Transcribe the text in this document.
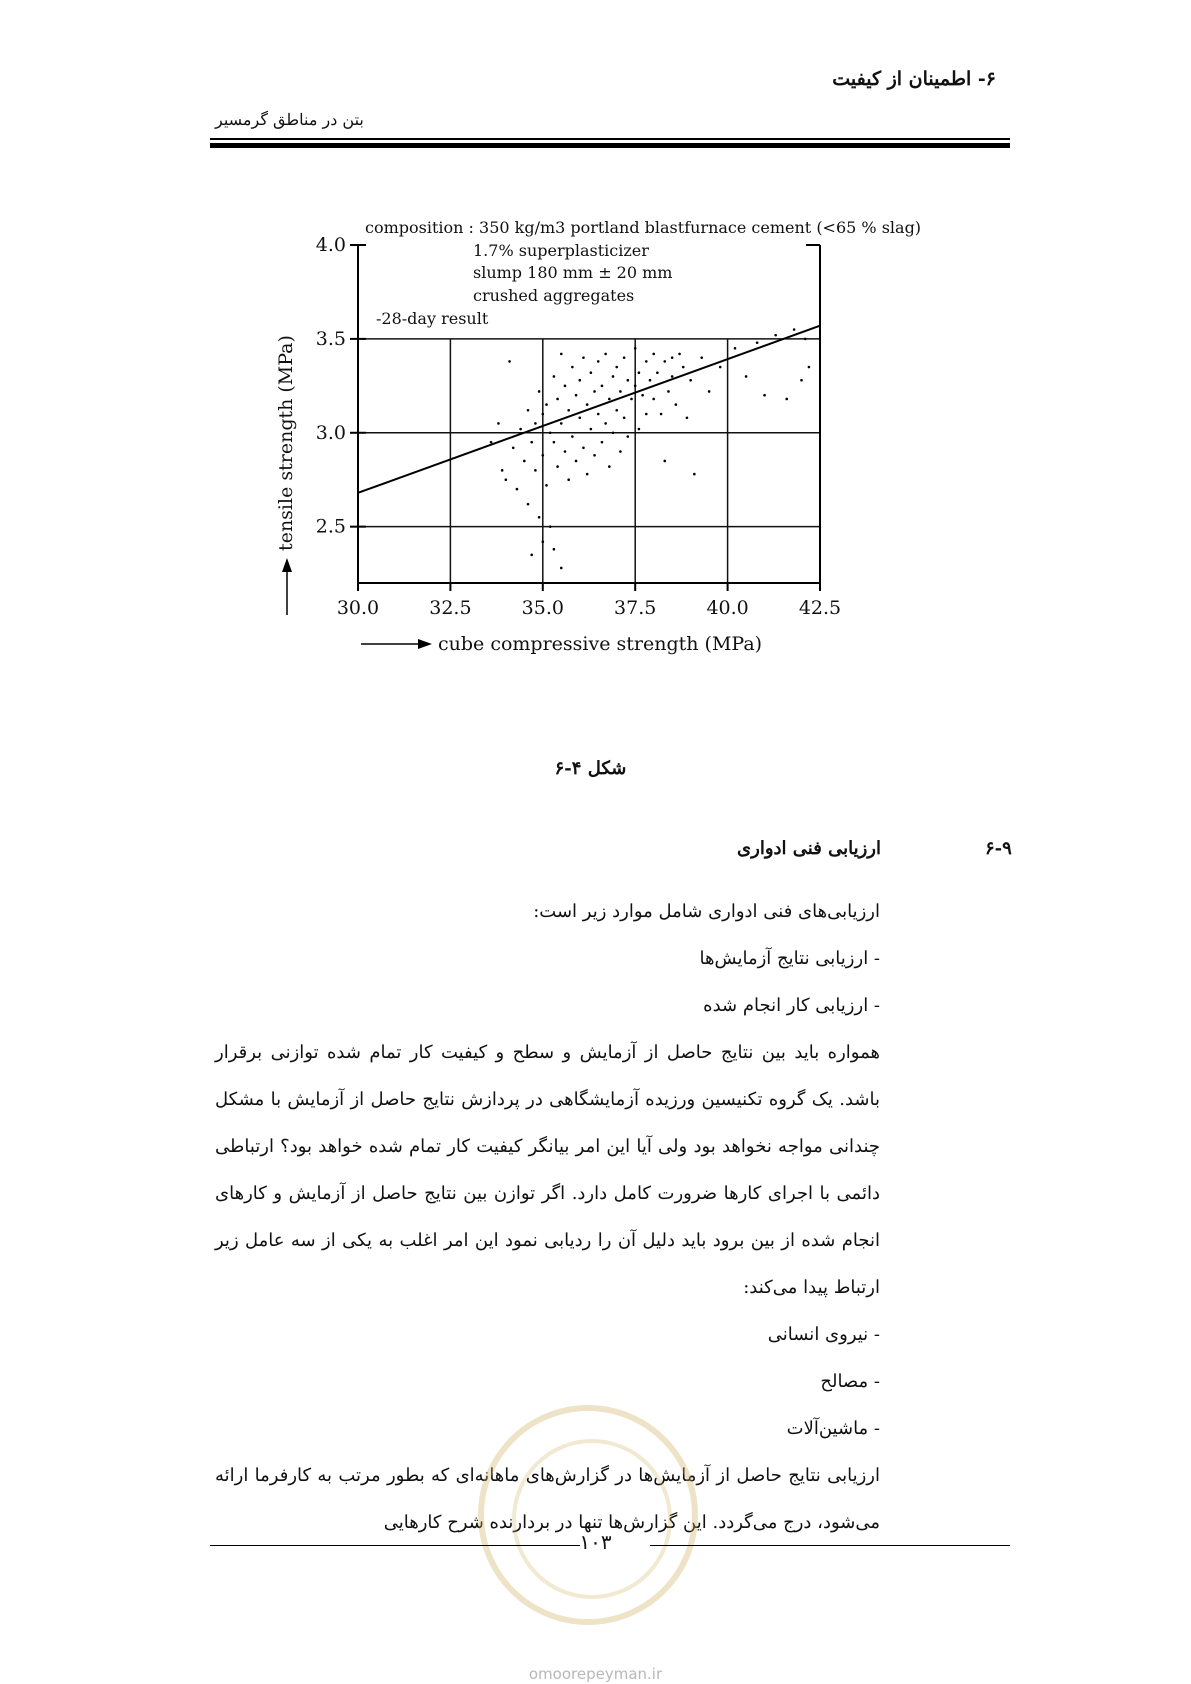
۶- اطمینان از کیفیت
بتن در مناطق گرمسیر
30.0	32.5	35.0	37.5	40.0	42.5
2.5
3.0
3.5
4.0
composition : 350 kg/m3 portland blastfurnace cement (<65 % slag)
1.7% superplasticizer
slump 180 mm ± 20 mm
crushed aggregates
-28-day result
cube compressive strength (MPa)
tensile strength (MPa)
شکل ۴-۶
۶-۹
ارزیابی فنی ادواری

ارزیابی‌های فنی ادواری شامل موارد زیر است:

- ارزیابی نتایج آزمایش‌ها

- ارزیابی کار انجام شده

همواره باید بین نتایج حاصل از آزمایش و سطح و کیفیت کار تمام شده توازنی برقرار باشد. یک گروه تکنیسین ورزیده آزمایشگاهی در پردازش نتایج حاصل از آزمایش با مشکل چندانی مواجه نخواهد بود ولی آیا این امر بیانگر کیفیت کار تمام شده خواهد بود؟ ارتباطی دائمی با اجرای کارها ضرورت کامل دارد. اگر توازن بین نتایج حاصل از آزمایش و کارهای انجام شده از بین برود باید دلیل آن را ردیابی نمود این امر اغلب به یکی از سه عامل زیر ارتباط پیدا می‌کند:

- نیروی انسانی

- مصالح

- ماشین‌آلات

ارزیابی نتایج حاصل از آزمایش‌ها در گزارش‌های ماهانه‌ای که بطور مرتب به کارفرما ارائه می‌شود، درج می‌گردد. این گزارش‌ها تنها در بردارنده شرح کارهایی

۱۰۳
omoorepeyman.ir
